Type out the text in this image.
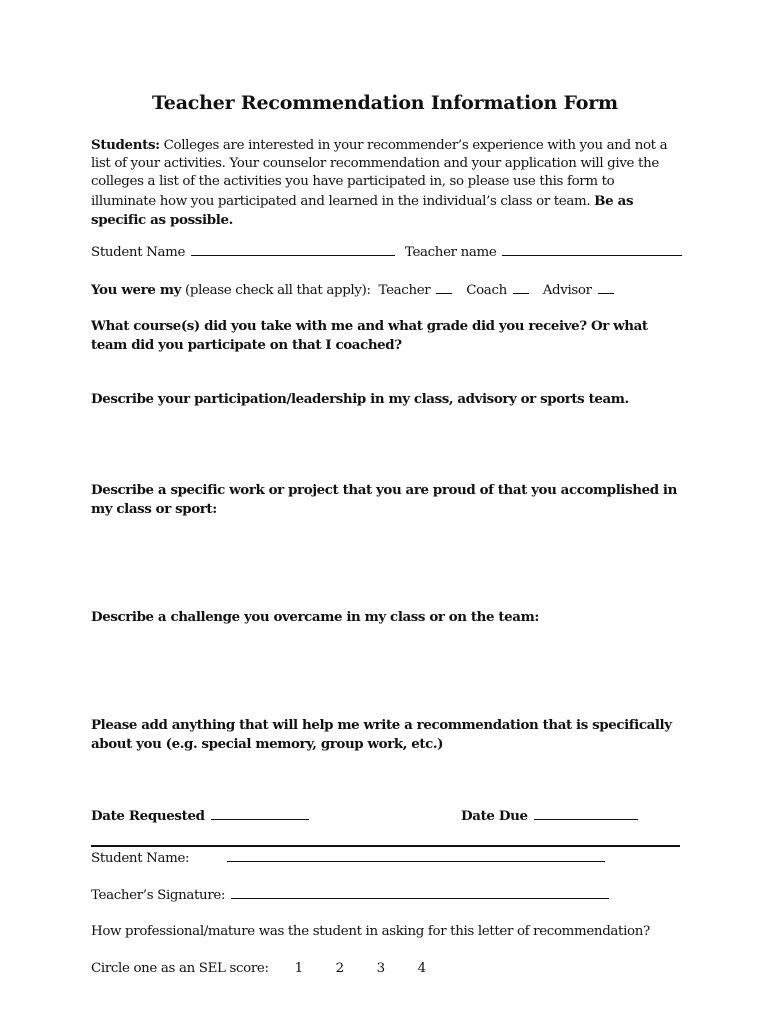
Teacher Recommendation Information Form
Students: Colleges are interested in your recommender’s experience with you and not a list of your activities. Your counselor recommendation and your application will give the colleges a list of the activities you have participated in, so please use this form to illuminate how you participated and learned in the individual’s class or team. Be as specific as possible.
Student Name	Teacher name
You were my (please check all that apply): Teacher	Coach	Advisor
What course(s) did you take with me and what grade did you receive? Or what team did you participate on that I coached?
Describe your participation/leadership in my class, advisory or sports team.
Describe a specific work or project that you are proud of that you accomplished in my class or sport:
Describe a challenge you overcame in my class or on the team:
Please add anything that will help me write a recommendation that is specifically about you (e.g. special memory, group work, etc.)
Date Requested	Date Due
Student Name:
Teacher’s Signature:
How professional/mature was the student in asking for this letter of recommendation?
Circle one as an SEL score: 1 2 3 4
